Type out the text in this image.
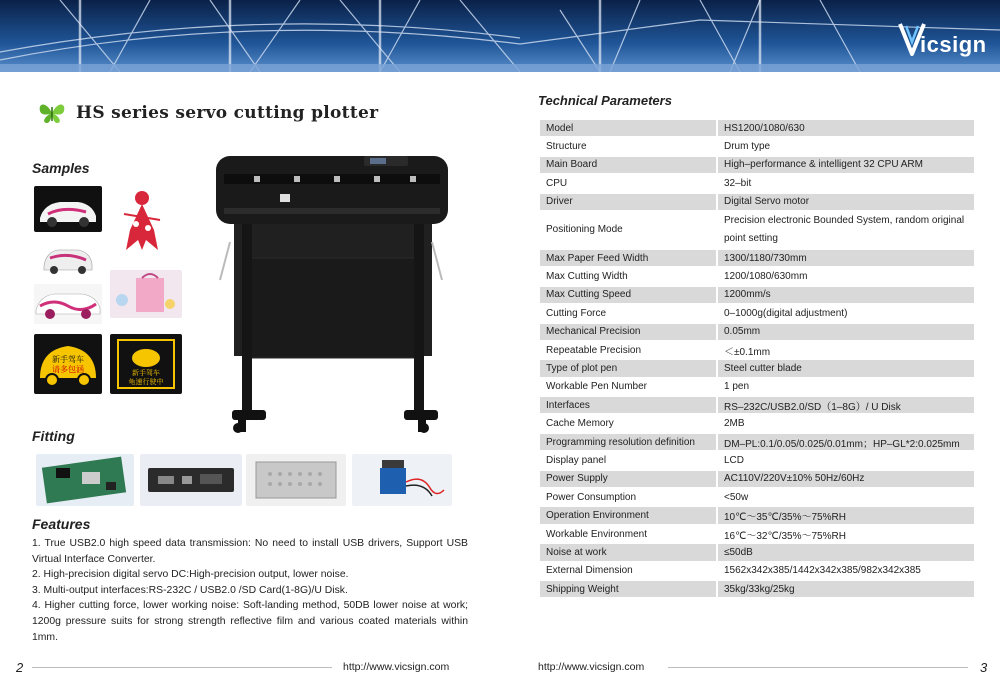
icsign
HS series servo cutting plotter
Samples
新手驾车
请多包涵	新手驾车
龟速行驶中
Fitting
Features
1. True USB2.0 high speed data transmission: No need to install USB drivers, Support USB Virtual Interface Converter.
2. High-precision digital servo DC:High-precision output, lower noise.
3. Multi-output interfaces:RS-232C / USB2.0 /SD Card(1-8G)/U Disk.
4. Higher cutting force, lower working noise: Soft-landing method, 50DB lower noise at work; 1200g pressure suits for strong strength reflective film and various coated materials within 1mm.
2	http://www.vicsign.com
Technical Parameters
Model	HS1200/1080/630
Structure	Drum type
Main Board	High–performance & intelligent 32 CPU ARM
CPU	32–bit
Driver	Digital Servo motor
Positioning Mode	Precision electronic Bounded System, random original point setting
Max Paper Feed Width	1300/1180/730mm
Max Cutting Width	1200/1080/630mm
Max Cutting Speed	1200mm/s
Cutting Force	0–1000g(digital adjustment)
Mechanical Precision	0.05mm
Repeatable Precision	＜±0.1mm
Type of plot pen	Steel cutter blade
Workable Pen Number	1 pen
Interfaces	RS–232C/USB2.0/SD（1–8G）/ U Disk
Cache Memory	2MB
Programming resolution definition	DM–PL:0.1/0.05/0.025/0.01mm；HP–GL*2:0.025mm
Display panel	LCD
Power Supply	AC110V/220V±10% 50Hz/60Hz
Power Consumption	<50w
Operation Environment	10℃～35℃/35%～75%RH
Workable Environment	16℃～32℃/35%～75%RH
Noise at work	≤50dB
External Dimension	1562x342x385/1442x342x385/982x342x385
Shipping Weight	35kg/33kg/25kg
http://www.vicsign.com	3
